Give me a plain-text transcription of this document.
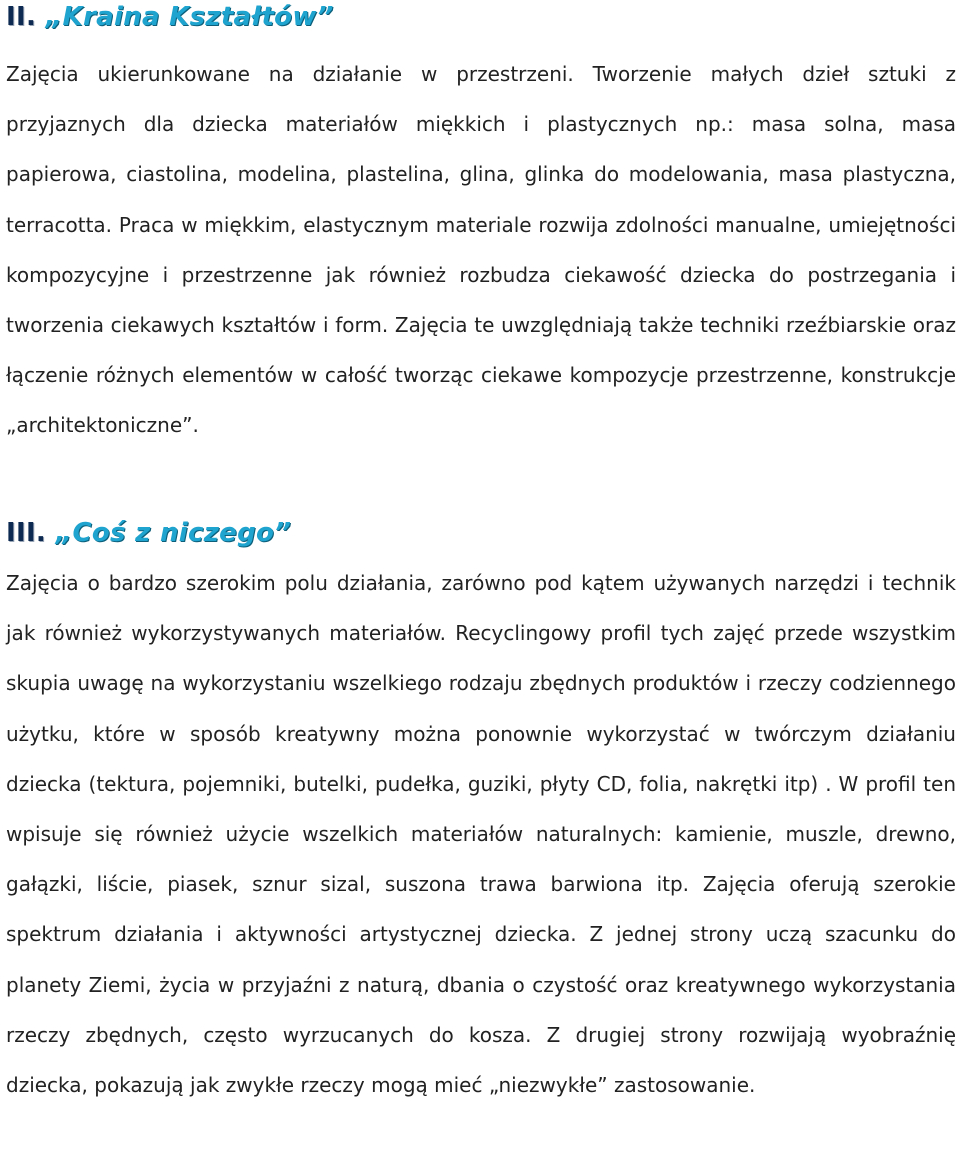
II. „Kraina Kształtów”

Zajęcia ukierunkowane na działanie w przestrzeni. Tworzenie małych dzieł sztuki z przyjaznych dla dziecka materiałów miękkich i plastycznych np.: masa solna, masa papierowa, ciastolina, modelina, plastelina, glina, glinka do modelowania, masa plastyczna, terracotta. Praca w miękkim, elastycznym materiale rozwija zdolności manualne, umiejętności kompozycyjne i przestrzenne jak również rozbudza ciekawość dziecka do postrzegania i tworzenia ciekawych kształtów i form. Zajęcia te uwzględniają także techniki rzeźbiarskie oraz łączenie różnych elementów w całość tworząc ciekawe kompozycje przestrzenne, konstrukcje „architektoniczne”.

III. „Coś z niczego”

Zajęcia o bardzo szerokim polu działania, zarówno pod kątem używanych narzędzi i technik jak również wykorzystywanych materiałów. Recyclingowy profil tych zajęć przede wszystkim skupia uwagę na wykorzystaniu wszelkiego rodzaju zbędnych produktów i rzeczy codziennego użytku, które w sposób kreatywny można ponownie wykorzystać w twórczym działaniu dziecka (tektura, pojemniki, butelki, pudełka, guziki, płyty CD, folia, nakrętki itp) . W profil ten wpisuje się również użycie wszelkich materiałów naturalnych: kamienie, muszle, drewno, gałązki, liście, piasek, sznur sizal, suszona trawa barwiona itp. Zajęcia oferują szerokie spektrum działania i aktywności artystycznej dziecka. Z jednej strony uczą szacunku do planety Ziemi, życia w przyjaźni z naturą, dbania o czystość oraz kreatywnego wykorzystania rzeczy zbędnych, często wyrzucanych do kosza. Z drugiej strony rozwijają wyobraźnię dziecka, pokazują jak zwykłe rzeczy mogą mieć „niezwykłe” zastosowanie.
